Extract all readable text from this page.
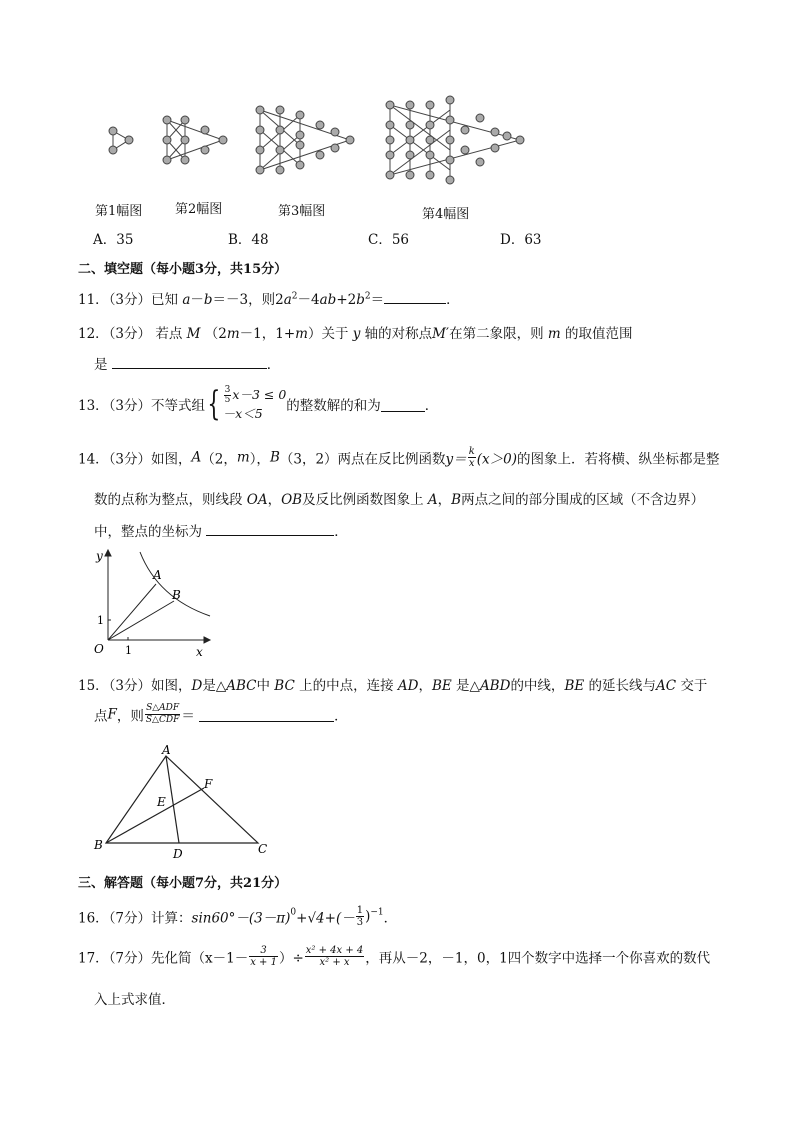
第1幅图	第2幅图	第3幅图	第4幅图
A．35	B．48	C．56	D．63
二、填空题（每小题3分，共15分）
11．（3分）已知 a－b＝－3，则$2a^2-4ab+2b^2=$	．
12．（3分） 若点 M （2m－1，1+m）关于 y 轴的对称点M′在第二象限，则 m 的取值范围
是	．
13．（3分）不等式组{ $\frac{3}{5} x-3 \le 0$
－x＜5 的整数解的和为	．
14．（3分）如图，A（2，m），B（3，2）两点在反比例函数$y= \frac{k}{x} (x>0)$的图象上．若将横、纵坐标都是整
数的点称为整点，则线段 OA，OB及反比例函数图象上 A，B两点之间的部分围成的区域（不含边界）
中，整点的坐标为	．
y
x
O 1
1
A
B
15．（3分）如图，D是△ABC中 BC 上的中点，连接 AD，BE 是△ABD的中线，BE 的延长线与AC 交于
点F，则 $\frac{\text{S△ADF}}{\text{S△CDF}}$ ＝	．
A
B	C
D
E
F
三、解答题（每小题7分，共21分）
16．（7分）计算：$\sin 60^\circ-(3-\pi)^0+√4+(- \frac{1}{3} )^{-1}$．
17．（7分）先化简（$x-1- \frac{3}{x + 1}$ ）÷ $\frac{\text{x² + 4x + 4}}{\text{x² + x}}$ ，再从－2，－1，0，1四个数字中选择一个你喜欢的数代
入上式求值．
